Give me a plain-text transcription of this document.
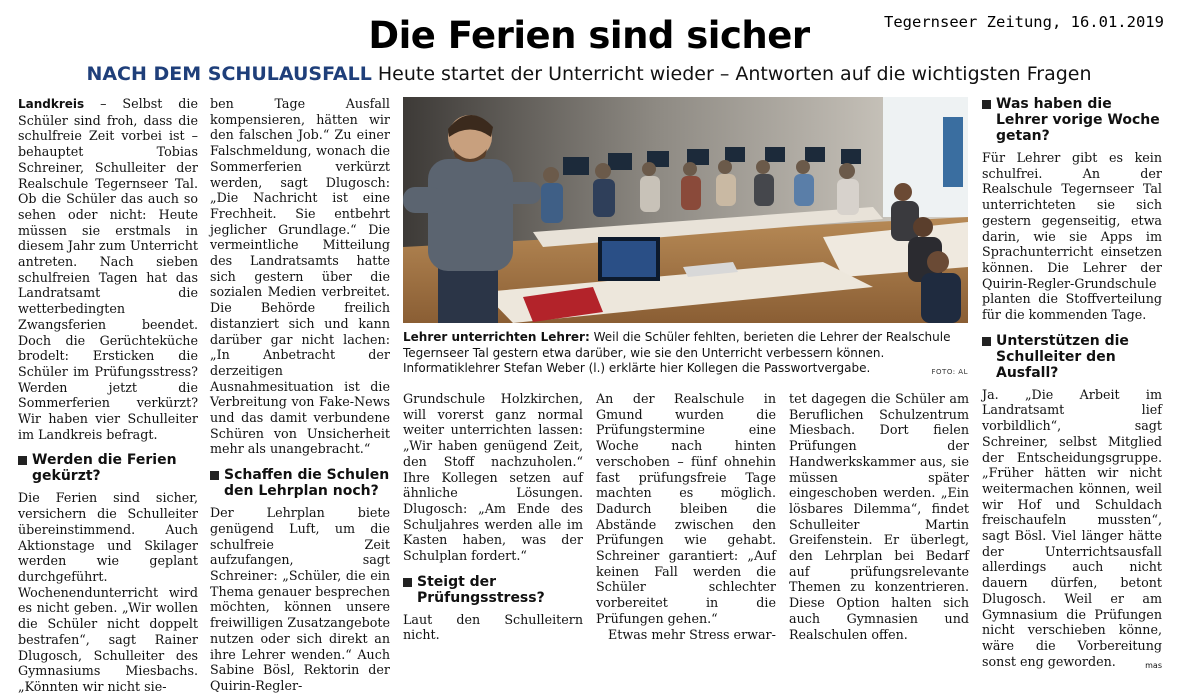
Tegernseer Zeitung, 16.01.2019
Die Ferien sind sicher
NACH DEM SCHULAUSFALL Heute startet der Unterricht wieder – Antworten auf die wichtigsten Fragen

Landkreis – Selbst die Schüler sind froh, dass die schulfreie Zeit vorbei ist – behauptet Tobias Schreiner, Schulleiter der Realschule Tegernseer Tal. Ob die Schüler das auch so sehen oder nicht: Heute müssen sie erstmals in diesem Jahr zum Unterricht antreten. Nach sieben schulfreien Tagen hat das Landratsamt die wetterbedingten Zwangsferien beendet. Doch die Gerüchteküche brodelt: Ersticken die Schüler im Prüfungsstress? Werden jetzt die Sommerferien verkürzt? Wir haben vier Schulleiter im Landkreis befragt.

Werden die Ferien gekürzt?

Die Ferien sind sicher, versichern die Schulleiter übereinstimmend. Auch Aktionstage und Skilager werden wie geplant durchgeführt. Wochenendunterricht wird es nicht geben. „Wir wollen die Schüler nicht doppelt bestrafen“, sagt Rainer Dlugosch, Schulleiter des Gymnasiums Miesbachs. „Könnten wir nicht sie-

ben Tage Ausfall kompensieren, hätten wir den falschen Job.“ Zu einer Falschmeldung, wonach die Sommerferien verkürzt werden, sagt Dlugosch: „Die Nachricht ist eine Frechheit. Sie entbehrt jeglicher Grundlage.“ Die vermeintliche Mitteilung des Landratsamts hatte sich gestern über die sozialen Medien verbreitet. Die Behörde freilich distanziert sich und kann darüber gar nicht lachen: „In Anbetracht der derzeitigen Ausnahmesituation ist die Verbreitung von Fake-News und das damit verbundene Schüren von Unsicherheit mehr als unangebracht.“

Schaffen die Schulen den Lehrplan noch?

Der Lehrplan biete genügend Luft, um die schulfreie Zeit aufzufangen, sagt Schreiner: „Schüler, die ein Thema genauer besprechen möchten, können unsere freiwilligen Zusatzangebote nutzen oder sich direkt an ihre Lehrer wenden.“ Auch Sabine Bösl, Rektorin der Quirin-Regler-

Lehrer unterrichten Lehrer: Weil die Schüler fehlten, berieten die Lehrer der Realschule Tegernseer Tal gestern etwa darüber, wie sie den Unterricht verbessern können. Informatiklehrer Stefan Weber (l.) erklärte hier Kollegen die Passwortvergabe.	FOTO: AL

Grundschule Holzkirchen, will vorerst ganz normal weiter unterrichten lassen: „Wir haben genügend Zeit, den Stoff nachzuholen.“ Ihre Kollegen setzen auf ähnliche Lösungen. Dlugosch: „Am Ende des Schuljahres werden alle im Kasten haben, was der Schulplan fordert.“

Steigt der Prüfungsstress?

Laut den Schulleitern nicht.

An der Realschule in Gmund wurden die Prüfungstermine eine Woche nach hinten verschoben – fünf ohnehin fast prüfungsfreie Tage machten es möglich. Dadurch bleiben die Abstände zwischen den Prüfungen wie gehabt. Schreiner garantiert: „Auf keinen Fall werden die Schüler schlechter vorbereitet in die Prüfungen gehen.“

Etwas mehr Stress erwar-

tet dagegen die Schüler am Beruflichen Schulzentrum Miesbach. Dort fielen Prüfungen der Handwerkskammer aus, sie müssen später eingeschoben werden. „Ein lösbares Dilemma“, findet Schulleiter Martin Greifenstein. Er überlegt, den Lehrplan bei Bedarf auf prüfungsrelevante Themen zu konzentrieren. Diese Option halten sich auch Gymnasien und Realschulen offen.

Was haben die Lehrer vorige Woche getan?

Für Lehrer gibt es kein schulfrei. An der Realschule Tegernseer Tal unterrichteten sie sich gestern gegenseitig, etwa darin, wie sie Apps im Sprachunterricht einsetzen können. Die Lehrer der Quirin-Regler-Grundschule planten die Stoffverteilung für die kommenden Tage.

Unterstützen die Schulleiter den Ausfall?

Ja. „Die Arbeit im Landratsamt lief vorbildlich“, sagt Schreiner, selbst Mitglied der Entscheidungsgruppe. „Früher hätten wir nicht weitermachen können, weil wir Hof und Schuldach freischaufeln mussten“, sagt Bösl. Viel länger hätte der Unterrichtsausfall allerdings auch nicht dauern dürfen, betont Dlugosch. Weil er am Gymnasium die Prüfungen nicht verschieben könne, wäre die Vorbereitung sonst eng geworden.	mas
